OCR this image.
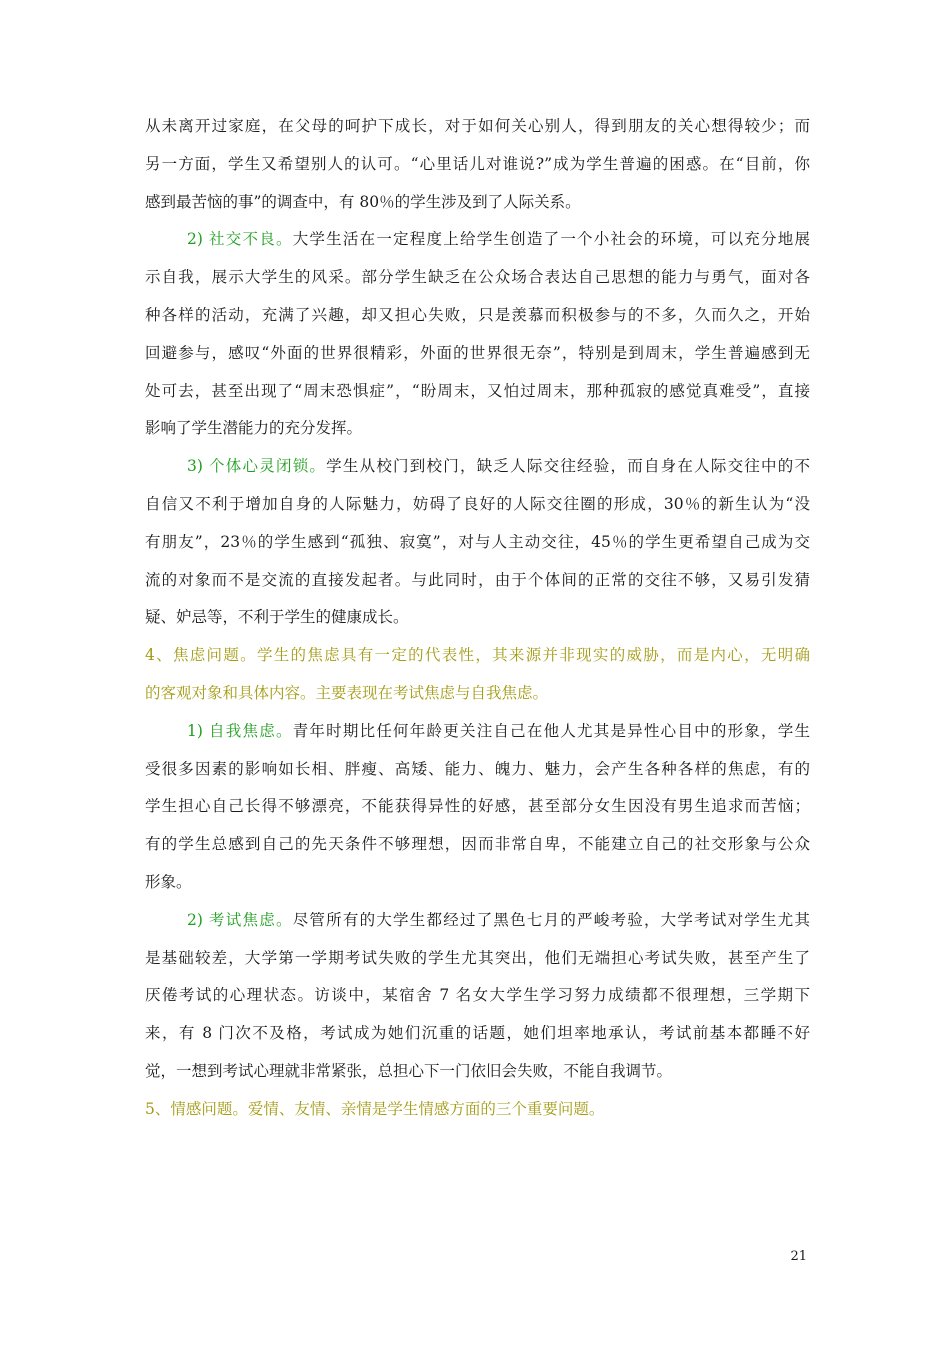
从未离开过家庭，在父母的呵护下成长，对于如何关心别人，得到朋友的关心想得较少；而
另一方面，学生又希望别人的认可。“心里话儿对谁说?”成为学生普遍的困惑。在“目前，你
感到最苦恼的事”的调查中，有 80％的学生涉及到了人际关系。
2) 社交不良。大学生活在一定程度上给学生创造了一个小社会的环境，可以充分地展
示自我，展示大学生的风采。部分学生缺乏在公众场合表达自己思想的能力与勇气，面对各
种各样的活动，充满了兴趣，却又担心失败，只是羡慕而积极参与的不多，久而久之，开始
回避参与，感叹“外面的世界很精彩，外面的世界很无奈”，特别是到周末，学生普遍感到无
处可去，甚至出现了“周末恐惧症”，“盼周末，又怕过周末，那种孤寂的感觉真难受”，直接
影响了学生潜能力的充分发挥。
3) 个体心灵闭锁。学生从校门到校门，缺乏人际交往经验，而自身在人际交往中的不
自信又不利于增加自身的人际魅力，妨碍了良好的人际交往圈的形成，30％的新生认为“没
有朋友”，23％的学生感到“孤独、寂寞”，对与人主动交往，45％的学生更希望自己成为交
流的对象而不是交流的直接发起者。与此同时，由于个体间的正常的交往不够，又易引发猜
疑、妒忌等，不利于学生的健康成长。
4、焦虑问题。学生的焦虑具有一定的代表性，其来源并非现实的威胁，而是内心，无明确
的客观对象和具体内容。主要表现在考试焦虑与自我焦虑。
1) 自我焦虑。青年时期比任何年龄更关注自己在他人尤其是异性心目中的形象，学生
受很多因素的影响如长相、胖瘦、高矮、能力、魄力、魅力，会产生各种各样的焦虑，有的
学生担心自己长得不够漂亮，不能获得异性的好感，甚至部分女生因没有男生追求而苦恼；
有的学生总感到自己的先天条件不够理想，因而非常自卑，不能建立自己的社交形象与公众
形象。
2) 考试焦虑。尽管所有的大学生都经过了黑色七月的严峻考验，大学考试对学生尤其
是基础较差，大学第一学期考试失败的学生尤其突出，他们无端担心考试失败，甚至产生了
厌倦考试的心理状态。访谈中，某宿舍 7 名女大学生学习努力成绩都不很理想，三学期下
来，有 8 门次不及格，考试成为她们沉重的话题，她们坦率地承认，考试前基本都睡不好
觉，一想到考试心理就非常紧张，总担心下一门依旧会失败，不能自我调节。
5、情感问题。爱情、友情、亲情是学生情感方面的三个重要问题。
21
